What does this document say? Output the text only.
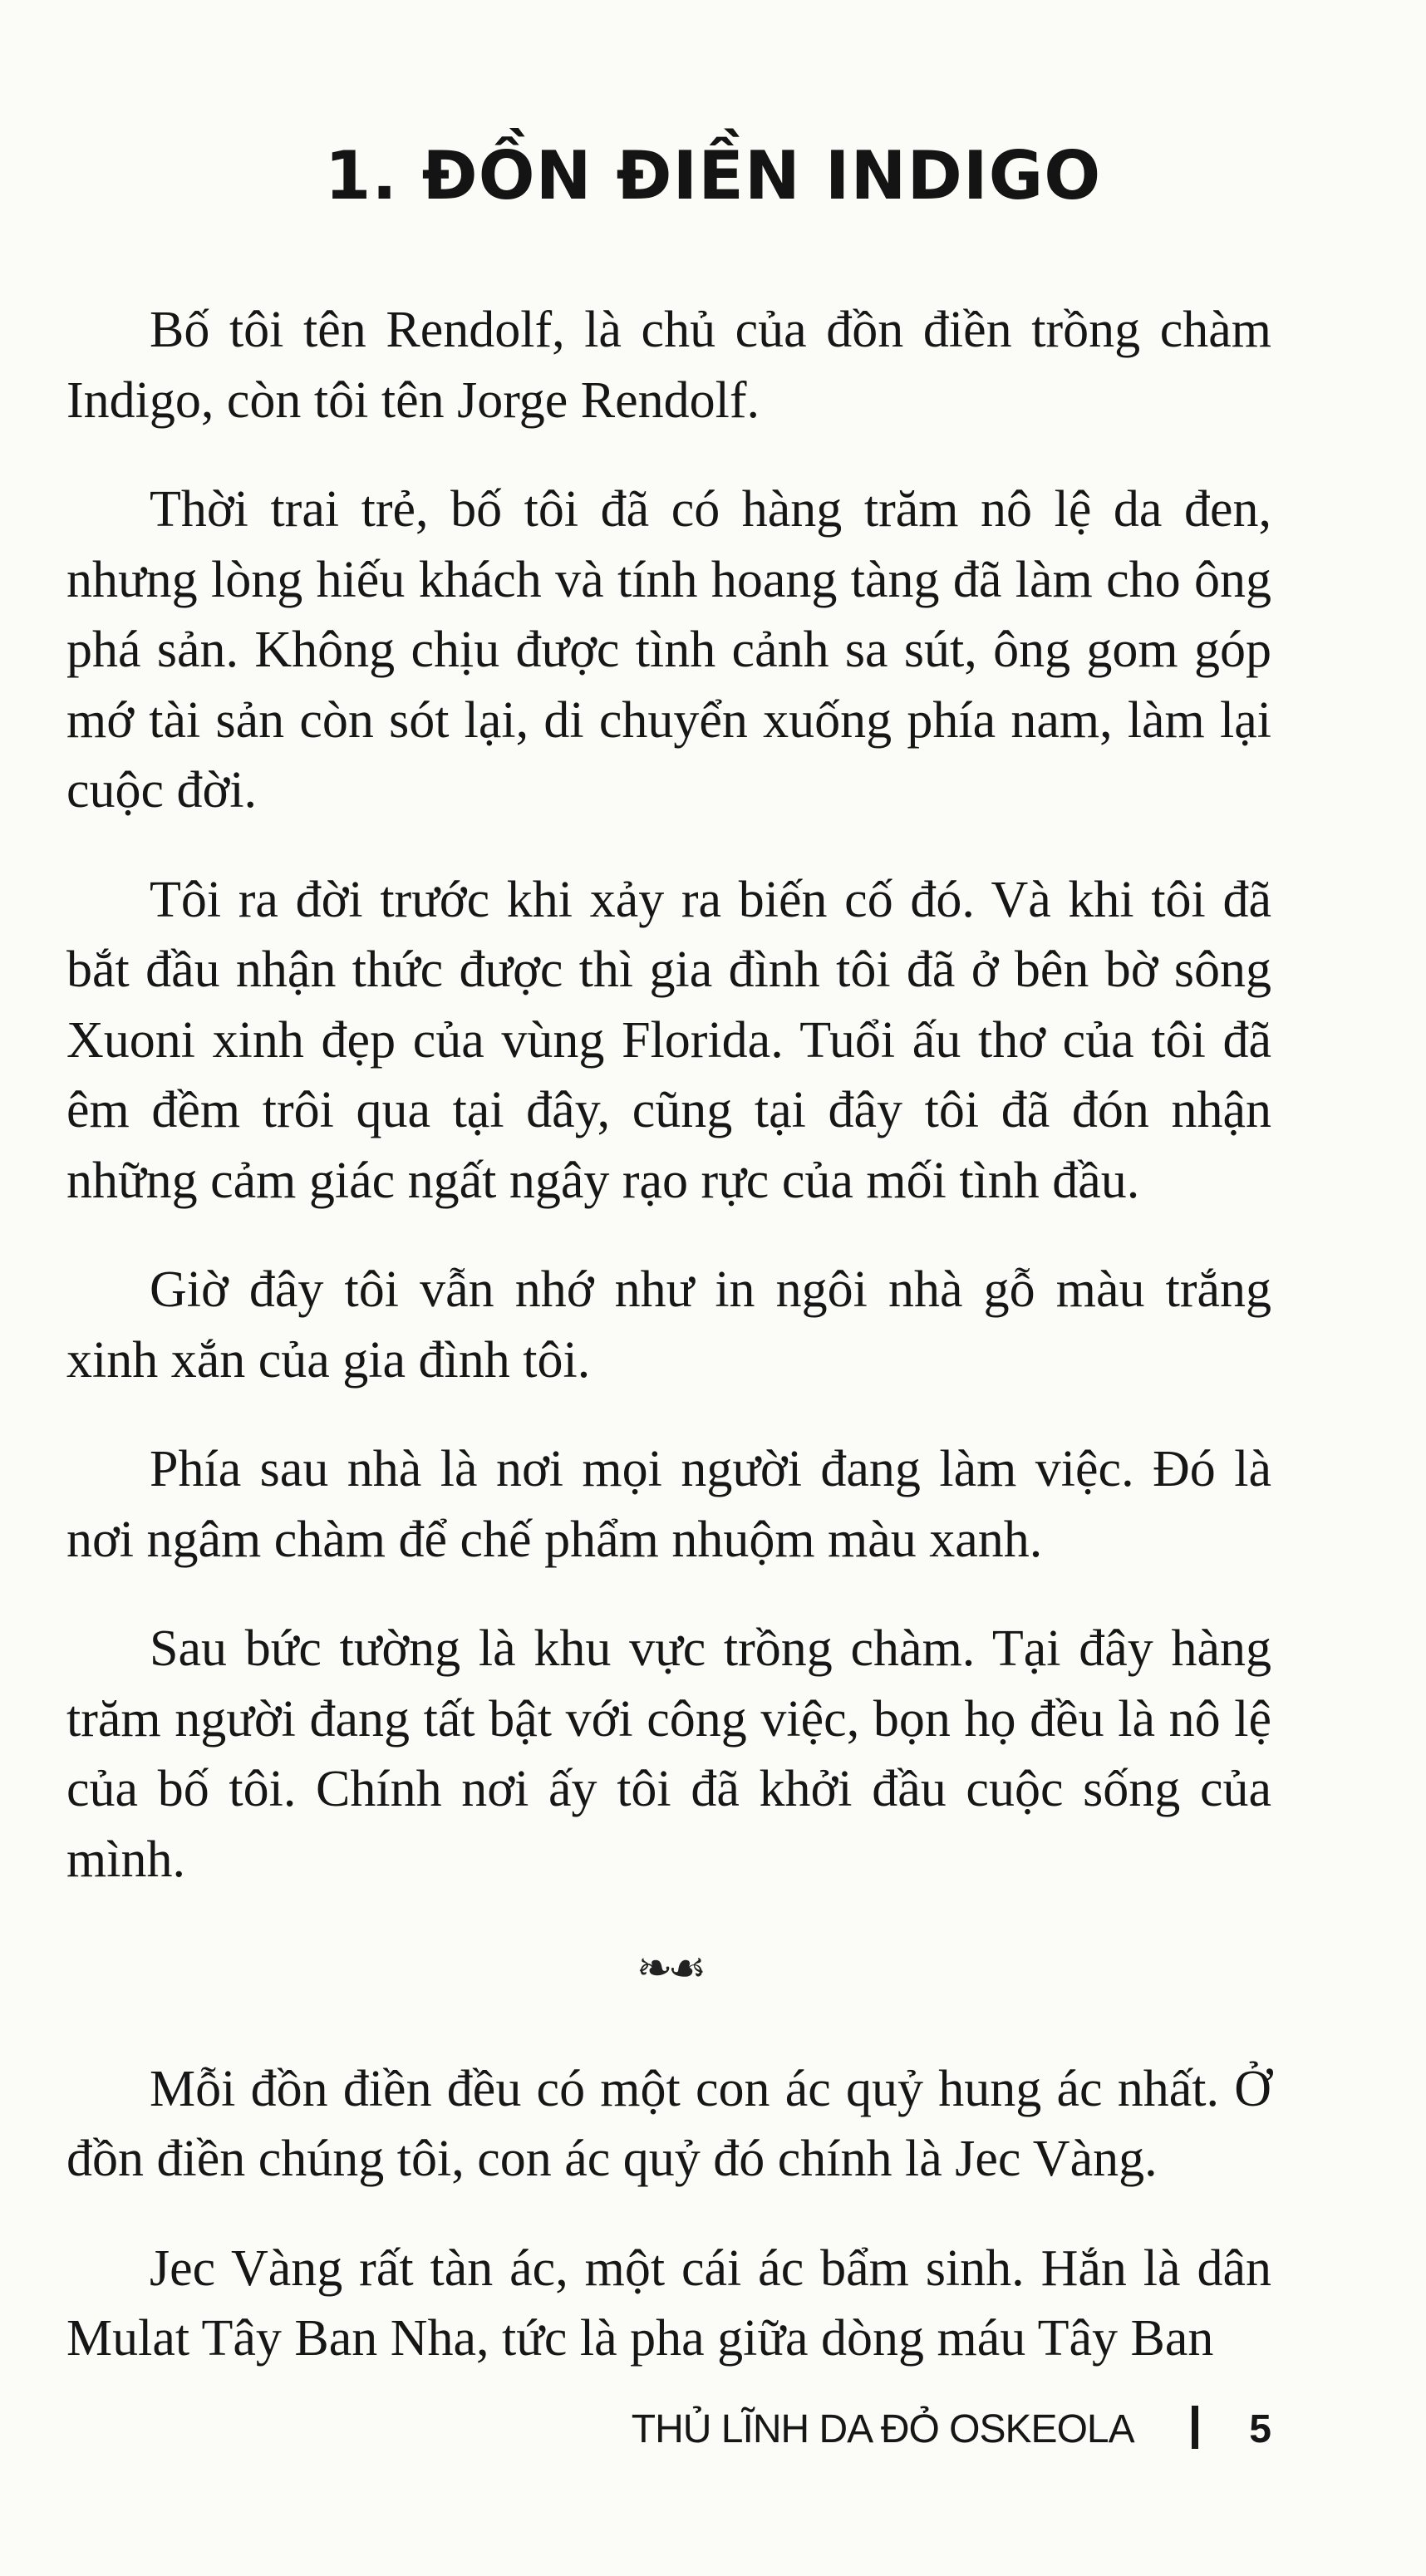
1. ĐỒN ĐIỀN INDIGO

Bố tôi tên Rendolf, là chủ của đồn điền trồng chàm Indigo, còn tôi tên Jorge Rendolf.

Thời trai trẻ, bố tôi đã có hàng trăm nô lệ da đen, nhưng lòng hiếu khách và tính hoang tàng đã làm cho ông phá sản. Không chịu được tình cảnh sa sút, ông gom góp mớ tài sản còn sót lại, di chuyển xuống phía nam, làm lại cuộc đời.

Tôi ra đời trước khi xảy ra biến cố đó. Và khi tôi đã bắt đầu nhận thức được thì gia đình tôi đã ở bên bờ sông Xuoni xinh đẹp của vùng Florida. Tuổi ấu thơ của tôi đã êm đềm trôi qua tại đây, cũng tại đây tôi đã đón nhận những cảm giác ngất ngây rạo rực của mối tình đầu.

Giờ đây tôi vẫn nhớ như in ngôi nhà gỗ màu trắng xinh xắn của gia đình tôi.

Phía sau nhà là nơi mọi người đang làm việc. Đó là nơi ngâm chàm để chế phẩm nhuộm màu xanh.

Sau bức tường là khu vực trồng chàm. Tại đây hàng trăm người đang tất bật với công việc, bọn họ đều là nô lệ của bố tôi. Chính nơi ấy tôi đã khởi đầu cuộc sống của mình.

❧☙

Mỗi đồn điền đều có một con ác quỷ hung ác nhất. Ở đồn điền chúng tôi, con ác quỷ đó chính là Jec Vàng.

Jec Vàng rất tàn ác, một cái ác bẩm sinh. Hắn là dân Mulat Tây Ban Nha, tức là pha giữa dòng máu Tây Ban

THỦ LĨNH DA ĐỎ OSKEOLA	5
